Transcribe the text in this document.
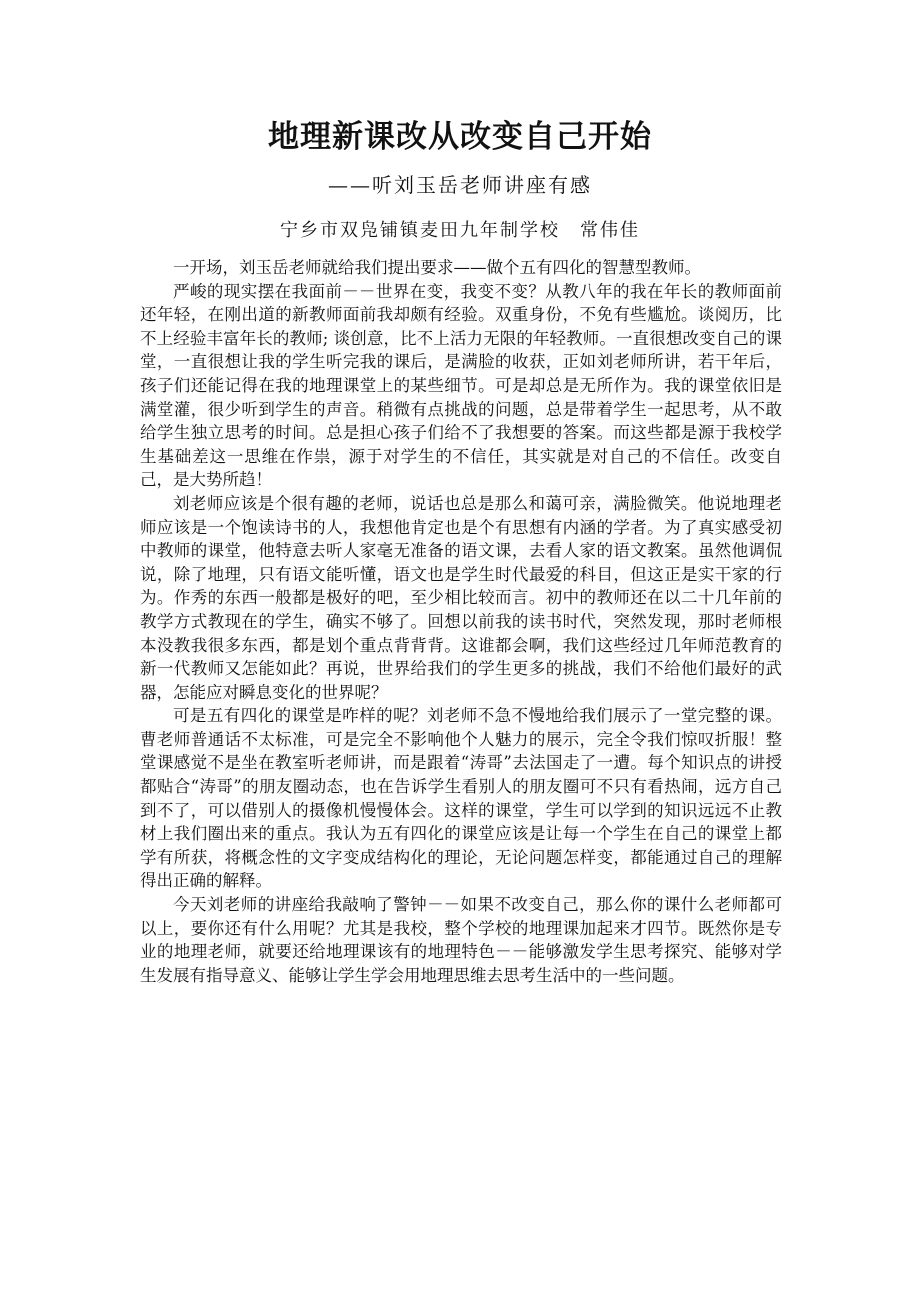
地理新课改从改变自己开始
——听刘玉岳老师讲座有感
宁乡市双凫铺镇麦田九年制学校　常伟佳

一开场，刘玉岳老师就给我们提出要求——做个五有四化的智慧型教师。

严峻的现实摆在我面前－－世界在变，我变不变？从教八年的我在年长的教师面前还年轻，在刚出道的新教师面前我却颇有经验。双重身份，不免有些尴尬。谈阅历，比不上经验丰富年长的教师; 谈创意，比不上活力无限的年轻教师。一直很想改变自己的课堂，一直很想让我的学生听完我的课后，是满脸的收获，正如刘老师所讲，若干年后，孩子们还能记得在我的地理课堂上的某些细节。可是却总是无所作为。我的课堂依旧是满堂灌，很少听到学生的声音。稍微有点挑战的问题，总是带着学生一起思考，从不敢给学生独立思考的时间。总是担心孩子们给不了我想要的答案。而这些都是源于我校学生基础差这一思维在作祟，源于对学生的不信任，其实就是对自己的不信任。改变自己，是大势所趋！

刘老师应该是个很有趣的老师，说话也总是那么和蔼可亲，满脸微笑。他说地理老师应该是一个饱读诗书的人，我想他肯定也是个有思想有内涵的学者。为了真实感受初中教师的课堂，他特意去听人家毫无准备的语文课，去看人家的语文教案。虽然他调侃说，除了地理，只有语文能听懂，语文也是学生时代最爱的科目，但这正是实干家的行为。作秀的东西一般都是极好的吧，至少相比较而言。初中的教师还在以二十几年前的教学方式教现在的学生，确实不够了。回想以前我的读书时代，突然发现，那时老师根本没教我很多东西，都是划个重点背背背。这谁都会啊，我们这些经过几年师范教育的新一代教师又怎能如此？再说，世界给我们的学生更多的挑战，我们不给他们最好的武器，怎能应对瞬息变化的世界呢？

可是五有四化的课堂是咋样的呢？刘老师不急不慢地给我们展示了一堂完整的课。曹老师普通话不太标准，可是完全不影响他个人魅力的展示，完全令我们惊叹折服！整堂课感觉不是坐在教室听老师讲，而是跟着“涛哥”去法国走了一遭。每个知识点的讲授都贴合“涛哥”的朋友圈动态，也在告诉学生看别人的朋友圈可不只有看热闹，远方自己到不了，可以借别人的摄像机慢慢体会。这样的课堂，学生可以学到的知识远远不止教材上我们圈出来的重点。我认为五有四化的课堂应该是让每一个学生在自己的课堂上都学有所获，将概念性的文字变成结构化的理论，无论问题怎样变，都能通过自己的理解得出正确的解释。

今天刘老师的讲座给我敲响了警钟－－如果不改变自己，那么你的课什么老师都可以上，要你还有什么用呢？尤其是我校，整个学校的地理课加起来才四节。既然你是专业的地理老师，就要还给地理课该有的地理特色－－能够激发学生思考探究、能够对学生发展有指导意义、能够让学生学会用地理思维去思考生活中的一些问题。
